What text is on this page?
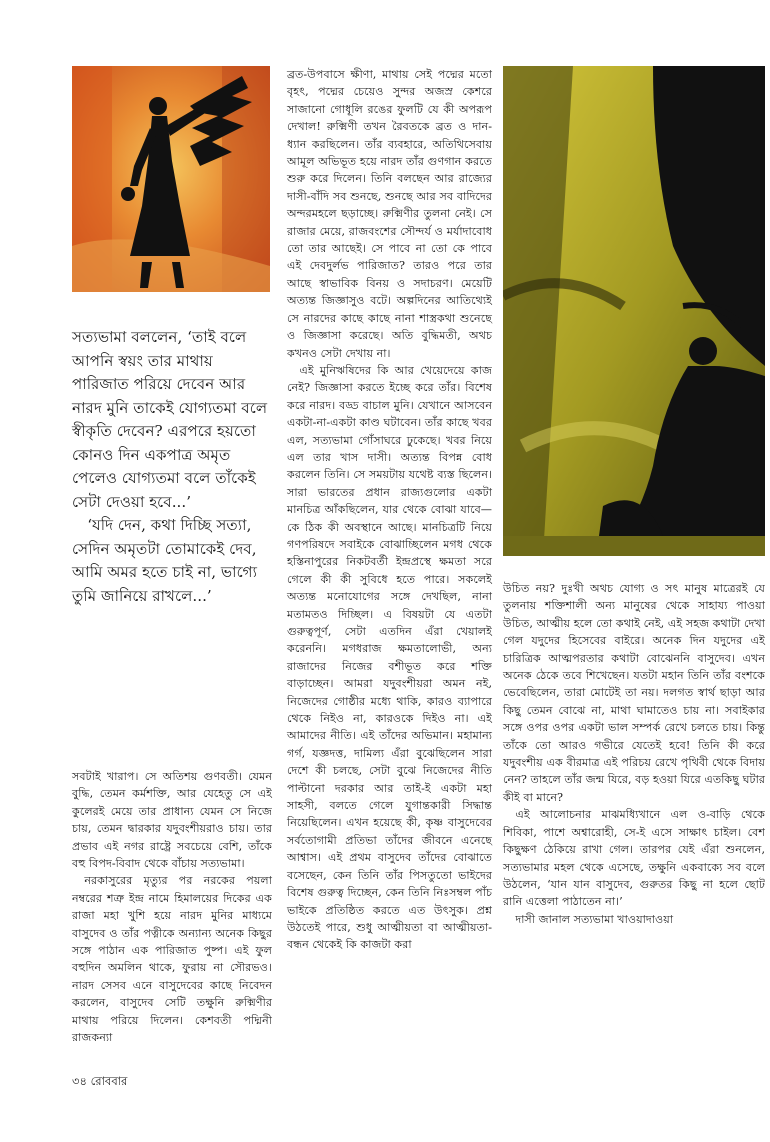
সত্যভামা বললেন, ‘তাই বলে আপনি স্বয়ং তার মাথায় পারিজাত পরিয়ে দেবেন আর নারদ মুনি তাকেই যোগ্যতমা বলে স্বীকৃতি দেবেন? এরপরে হয়তো কোনও দিন একপাত্র অমৃত পেলেও যোগ্যতমা বলে তাঁকেই সেটা দেওয়া হবে...’

‘যদি দেন, কথা দিচ্ছি সত্যা, সেদিন অমৃতটা তোমাকেই দেব, আমি অমর হতে চাই না, ভাগ্যে তুমি জানিয়ে রাখলে...’

সবটাই খারাপ। সে অতিশয় গুণবতী। যেমন বুদ্ধি, তেমন কর্মশক্তি, আর যেহেতু সে এই কুলেরই মেয়ে তার প্রাধান্য যেমন সে নিজে চায়, তেমন দ্বারকার যদুবংশীয়রাও চায়। তার প্রভাব এই নগর রাষ্ট্রে সবচেয়ে বেশি, তাঁকে বহু বিপদ-বিবাদ থেকে বাঁচায় সত্যভামা।

নরকাসুরের মৃত্যুর পর নরকের পয়লা নম্বরের শত্রু ইন্দ্র নামে হিমালয়ের দিকের এক রাজা মহা খুশি হয়ে নারদ মুনির মাধ্যমে বাসুদেব ও তাঁর পত্নীকে অন্যান্য অনেক কিছুর সঙ্গে পাঠান এক পারিজাত পুষ্প। এই ফুল বহুদিন অমলিন থাকে, ফুরায় না সৌরভও। নারদ সেসব এনে বাসুদেবের কাছে নিবেদন করলেন, বাসুদেব সেটি তক্ষুনি রুক্মিণীর মাথায় পরিয়ে দিলেন। কেশবতী পদ্মিনী রাজকন্যা

ব্রত-উপবাসে ক্ষীণা, মাথায় সেই পদ্মের মতো বৃহৎ, পদ্মের চেয়েও সুন্দর অজস্র কেশরে সাজানো গোধূলি রঙের ফুলটি যে কী অপরূপ দেখাল! রুক্মিণী তখন রৈবতকে ব্রত ও দান-ধ্যান করছিলেন। তাঁর ব্যবহারে, অতিথিসেবায় আমূল অভিভূত হয়ে নারদ তাঁর গুণগান করতে শুরু করে দিলেন। তিনি বলছেন আর রাজ্যের দাসী-বাঁদি সব শুনছে, শুনছে আর সব বাদিদের অন্দরমহলে ছড়াচ্ছে। রুক্মিণীর তুলনা নেই। সে রাজার মেয়ে, রাজবংশের সৌন্দর্য ও মর্যাদাবোধ তো তার আছেই। সে পাবে না তো কে পাবে এই দেবদুর্লভ পারিজাত? তারও পরে তার আছে স্বাভাবিক বিনয় ও সদাচরণ। মেয়েটি অত্যন্ত জিজ্ঞাসুও বটে। অল্পদিনের আতিথ্যেই সে নারদের কাছে কাছে নানা শাস্ত্রকথা শুনেছে ও জিজ্ঞাসা করেছে। অতি বুদ্ধিমতী, অথচ কখনও সেটা দেখায় না।

এই মুনিঋষিদের কি আর খেয়েদেয়ে কাজ নেই? জিজ্ঞাসা করতে ইচ্ছে করে তাঁর। বিশেষ করে নারদ। বড্ড বাচাল মুনি। যেখানে আসবেন একটা-না-একটা কাণ্ড ঘটাবেন। তাঁর কাছে খবর এল, সত্যভামা গোঁসাঘরে ঢুকেছে। খবর নিয়ে এল তার খাস দাসী। অত্যন্ত বিপন্ন বোধ করলেন তিনি। সে সময়টায় যথেষ্ট ব্যস্ত ছিলেন। সারা ভারতের প্রধান রাজ্যগুলোর একটা মানচিত্র আঁকছিলেন, যার থেকে বোঝা যাবে— কে ঠিক কী অবস্থানে আছে। মানচিত্রটি নিয়ে গণপরিষদে সবাইকে বোঝাচ্ছিলেন মগধ থেকে হস্তিনাপুরের নিকটবর্তী ইন্দ্রপ্রস্থে ক্ষমতা সরে গেলে কী কী সুবিধে হতে পারে। সকলেই অত্যন্ত মনোযোগের সঙ্গে দেখছিল, নানা মতামতও দিচ্ছিল। এ বিষয়টা যে এতটা গুরুত্বপূর্ণ, সেটা এতদিন এঁরা খেয়ালই করেননি। মগধরাজ ক্ষমতালোভী, অন্য রাজাদের নিজের বশীভূত করে শক্তি বাড়াচ্ছেন। আমরা যদুবংশীয়রা অমন নই, নিজেদের গোষ্ঠীর মধ্যে থাকি, কারও ব্যাপারে থেকে নিইও না, কারওকে দিইও না। এই আমাদের নীতি। এই তাঁদের অভিমান। মহামান্য গর্গ, যজ্ঞদত্ত, দামিল্য এঁরা বুঝেছিলেন সারা দেশে কী চলছে, সেটা বুঝে নিজেদের নীতি পাল্টানো দরকার আর তাই-ই একটা মহা সাহসী, বলতে গেলে যুগান্তকারী সিদ্ধান্ত নিয়েছিলেন। এখন হয়েছে কী, কৃষ্ণ বাসুদেবের সর্বতোগামী প্রতিভা তাঁদের জীবনে এনেছে আশ্বাস। এই প্রথম বাসুদেব তাঁদের বোঝাতে বসেছেন, কেন তিনি তাঁর পিসতুতো ভাইদের বিশেষ গুরুত্ব দিচ্ছেন, কেন তিনি নিঃসম্বল পাঁচ ভাইকে প্রতিষ্ঠিত করতে এত উৎসুক। প্রশ্ন উঠতেই পারে, শুধু আত্মীয়তা বা আত্মীয়তা-বন্ধন থেকেই কি কাজটা করা

উচিত নয়? দুঃখী অথচ যোগ্য ও সৎ মানুষ মাত্রেরই যে তুলনায় শক্তিশালী অন্য মানুষের থেকে সাহায্য পাওয়া উচিত, আত্মীয় হলে তো কথাই নেই, এই সহজ কথাটা দেখা গেল যদুদের হিসেবের বাইরে। অনেক দিন যদুদের এই চারিত্রিক আত্মপরতার কথাটা বোঝেননি বাসুদেব। এখন অনেক ঠেকে তবে শিখেছেন। যতটা মহান তিনি তাঁর বংশকে ভেবেছিলেন, তারা মোটেই তা নয়। দলগত স্বার্থ ছাড়া আর কিছু তেমন বোঝে না, মাথা ঘামাতেও চায় না। সবাইকার সঙ্গে ওপর ওপর একটা ভাল সম্পর্ক রেখে চলতে চায়। কিন্তু তাঁকে তো আরও গভীরে যেতেই হবে! তিনি কী করে যদুবংশীয় এক বীরমাত্র এই পরিচয় রেখে পৃথিবী থেকে বিদায় নেন? তাহলে তাঁর জন্ম যিরে, বড় হওয়া যিরে এতকিছু ঘটার কীই বা মানে?

এই আলোচনার মাঝমধ্যিখানে এল ও-বাড়ি থেকে শিবিকা, পাশে অশ্বারোহী, সে-ই এসে সাক্ষাৎ চাইল। বেশ কিছুক্ষণ ঠেকিয়ে রাখা গেল। তারপর যেই এঁরা শুনলেন, সত্যভামার মহল থেকে এসেছে, তক্ষুনি একবাক্যে সব বলে উঠলেন, ‘যান যান বাসুদেব, গুরুতর কিছু না হলে ছোট রানি এত্তেলা পাঠাতেন না।’

দাসী জানাল সত্যভামা খাওয়াদাওয়া

৩৪ রোববার
